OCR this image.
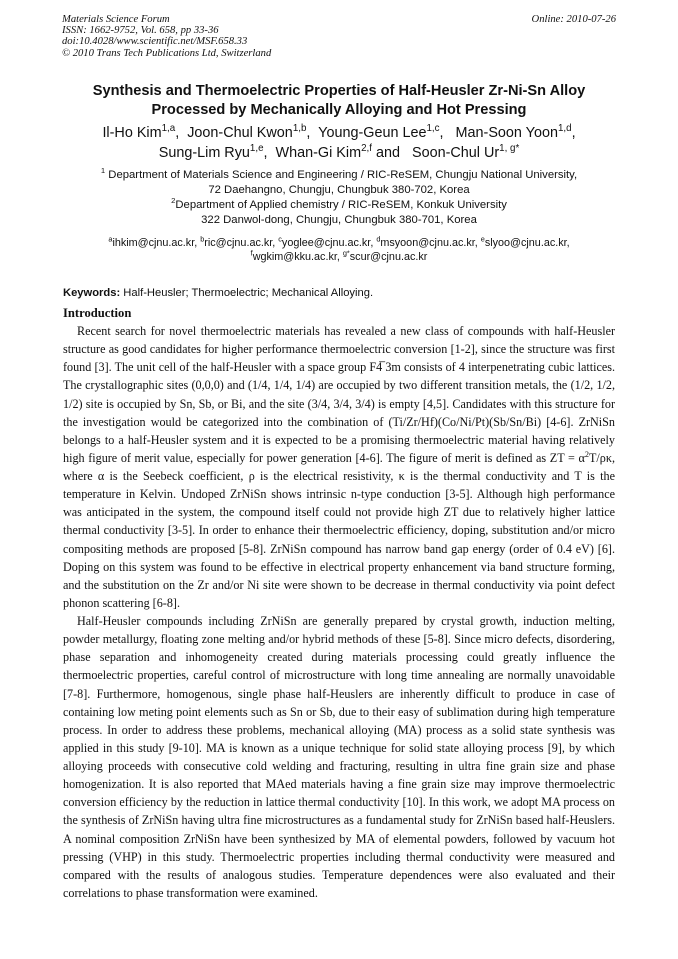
Materials Science Forum
ISSN: 1662-9752, Vol. 658, pp 33-36
doi:10.4028/www.scientific.net/MSF.658.33
© 2010 Trans Tech Publications Ltd, Switzerland
Online: 2010-07-26
Synthesis and Thermoelectric Properties of Half-Heusler Zr-Ni-Sn Alloy
Processed by Mechanically Alloying and Hot Pressing
Il-Ho Kim$^{1,a}$,  Joon-Chul Kwon$^{1,b}$,  Young-Geun Lee$^{1,c}$,   Man-Soon Yoon$^{1,d}$,
Sung-Lim Ryu$^{1,e}$,  Whan-Gi Kim$^{2,f}$ and   Soon-Chul $Ur^{1, g*}$
$^1$ Department of Materials Science and Engineering / RIC-ReSEM, Chungju National University,
72 Daehangno, Chungju, Chungbuk 380-702, Korea
$^2$Department of Applied chemistry / RIC-ReSEM, Konkuk University
322 Danwol-dong, Chungju, Chungbuk 380-701, Korea
$^a$ihkim@cjnu.ac.kr, $^b$ric@cjnu.ac.kr, $^c$yoglee@cjnu.ac.kr, $^d$msyoon@cjnu.ac.kr, $^e$slyoo@cjnu.ac.kr,
$^f$wgkim@kku.ac.kr, $^{g*}$scur@cjnu.ac.kr
Keywords: Half-Heusler; Thermoelectric; Mechanical Alloying.
Introduction

Recent search for novel thermoelectric materials has revealed a new class of compounds with half-Heusler structure as good candidates for higher performance thermoelectric conversion [1-2], since the structure was first found [3]. The unit cell of the half-Heusler with a space group F4̅ 3m consists of 4 interpenetrating cubic lattices. The crystallographic sites (0,0,0) and (1/4, 1/4, 1/4) are occupied by two different transition metals, the (1/2, 1/2, 1/2) site is occupied by Sn, Sb, or Bi, and the site (3/4, 3/4, 3/4) is empty [4,5]. Candidates with this structure for the investigation would be categorized into the combination of (Ti/Zr/Hf)(Co/Ni/Pt)(Sb/Sn/Bi) [4-6]. ZrNiSn belongs to a half-Heusler system and it is expected to be a promising thermoelectric material having relatively high figure of merit value, especially for power generation [4-6]. The figure of merit is defined as ZT = $\alpha^2T/\rho\kappa$, where α is the Seebeck coefficient, ρ is the electrical resistivity, κ is the thermal conductivity and T is the temperature in Kelvin. Undoped ZrNiSn shows intrinsic n-type conduction [3-5]. Although high performance was anticipated in the system, the compound itself could not provide high ZT due to relatively higher lattice thermal conductivity [3-5]. In order to enhance their thermoelectric efficiency, doping, substitution and/or micro compositing methods are proposed [5-8]. ZrNiSn compound has narrow band gap energy (order of 0.4 eV) [6]. Doping on this system was found to be effective in electrical property enhancement via band structure forming, and the substitution on the Zr and/or Ni site were shown to be decrease in thermal conductivity via point defect phonon scattering [6-8].

Half-Heusler compounds including ZrNiSn are generally prepared by crystal growth, induction melting, powder metallurgy, floating zone melting and/or hybrid methods of these [5-8]. Since micro defects, disordering, phase separation and inhomogeneity created during materials processing could greatly influence the thermoelectric properties, careful control of microstructure with long time annealing are normally unavoidable [7-8]. Furthermore, homogenous, single phase half-Heuslers are inherently difficult to produce in case of containing low meting point elements such as Sn or Sb, due to their easy of sublimation during high temperature process. In order to address these problems, mechanical alloying (MA) process as a solid state synthesis was applied in this study [9-10]. MA is known as a unique technique for solid state alloying process [9], by which alloying proceeds with consecutive cold welding and fracturing, resulting in ultra fine grain size and phase homogenization. It is also reported that MAed materials having a fine grain size may improve thermoelectric conversion efficiency by the reduction in lattice thermal conductivity [10]. In this work, we adopt MA process on the synthesis of ZrNiSn having ultra fine microstructures as a fundamental study for ZrNiSn based half-Heuslers. A nominal composition ZrNiSn have been synthesized by MA of elemental powders, followed by vacuum hot pressing (VHP) in this study. Thermoelectric properties including thermal conductivity were measured and compared with the results of analogous studies. Temperature dependences were also evaluated and their correlations to phase transformation were examined.
